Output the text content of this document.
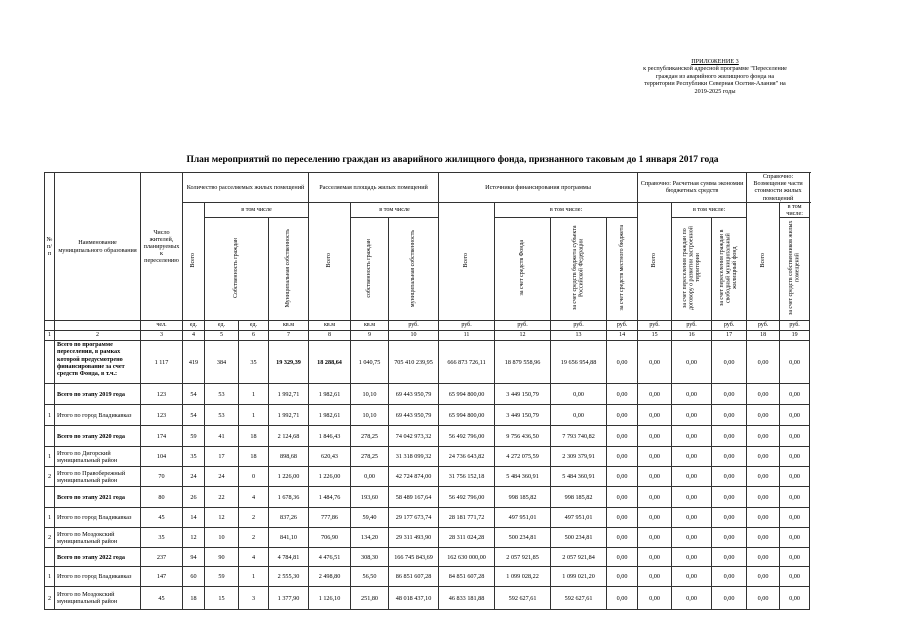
ПРИЛОЖЕНИЕ 3
к республиканской адресной программе "Переселение
граждан из аварийного жилищного фонда на
территории Республики Северная Осетия-Алания" на
2019-2025 годы
План мероприятий по переселению граждан из аварийного жилищного фонда, признанного таковым до 1 января 2017 года
№ п/п	Наименование муниципального образования	Число жителей, планируемых к переселению	Количество расселяемых жилых помещений				Расселяемая площадь жилых помещений			Источники финансирования программы				Справочно: Расчетная сумма экономии бюджетных средств			Справочно: Возмещение части стоимости жилых помещений		
			Всего	в том числе			Всего	в том числе		Всего	в том числе:			Всего	в том числе:		Всего	в том числе:	
				Собственность граждан		Муниципальная собственность		собственность граждан	муниципальная собственность		за счет средств Фонда	за счет средств бюджета субъекта Российской Федерации	за счет средств местного бюджета		за счет переселения граждан по договору о развитии застроенной территории	за счет переселения граждан в свободный муниципальный жилищный фонд		за счет средств собственников жилых помещений	
		чел.	ед.	ед.	ед.	кв.м	кв.м	кв.м	руб.	руб.	руб.	руб.	руб.	руб.	руб.	руб.	руб.	руб.	
1	2	3	4	5	6	7	8	9	10	11	12	13	14	15	16	17	18	19	
	Всего по программе переселения, в рамках которой предусмотрено финансирование за счет средств Фонда, в т.ч.:	1 117	419	384	35	19 329,39	18 288,64	1 040,75	705 410 239,95	666 873 726,11	18 879 558,96	19 656 954,88	0,00	0,00	0,00	0,00	0,00	0,00	
	Всего по этапу 2019 года	123	54	53	1	1 992,71	1 982,61	10,10	69 443 950,79	65 994 800,00	3 449 150,79	0,00	0,00	0,00	0,00	0,00	0,00	0,00	
1	Итого по город Владикавказ	123	54	53	1	1 992,71	1 982,61	10,10	69 443 950,79	65 994 800,00	3 449 150,79	0,00	0,00	0,00	0,00	0,00	0,00	0,00	
	Всего по этапу 2020 года	174	59	41	18	2 124,68	1 846,43	278,25	74 042 973,32	56 492 796,00	9 756 436,50	7 793 740,82	0,00	0,00	0,00	0,00	0,00	0,00	
1	Итого по Дигорский муниципальный район	104	35	17	18	898,68	620,43	278,25	31 318 099,32	24 736 643,82	4 272 075,59	2 309 379,91	0,00	0,00	0,00	0,00	0,00	0,00	
2	Итого по Правобережный муниципальный район	70	24	24	0	1 226,00	1 226,00	0,00	42 724 874,00	31 756 152,18	5 484 360,91	5 484 360,91	0,00	0,00	0,00	0,00	0,00	0,00	
	Всего по этапу 2021 года	80	26	22	4	1 678,36	1 484,76	193,60	58 489 167,64	56 492 796,00	998 185,82	998 185,82	0,00	0,00	0,00	0,00	0,00	0,00	
1	Итого по город Владикавказ	45	14	12	2	837,26	777,86	59,40	29 177 673,74	28 181 771,72	497 951,01	497 951,01	0,00	0,00	0,00	0,00	0,00	0,00	
2	Итого по Моздокский муниципальный район	35	12	10	2	841,10	706,90	134,20	29 311 493,90	28 311 024,28	500 234,81	500 234,81	0,00	0,00	0,00	0,00	0,00	0,00	
	Всего по этапу 2022 года	237	94	90	4	4 784,81	4 476,51	308,30	166 745 843,69	162 630 000,00	2 057 921,85	2 057 921,84	0,00	0,00	0,00	0,00	0,00	0,00	
1	Итого по город Владикавказ	147	60	59	1	2 555,30	2 498,80	56,50	86 851 607,28	84 851 607,28	1 099 028,22	1 099 021,20	0,00	0,00	0,00	0,00	0,00	0,00	
2	Итого по Моздокский муниципальный район	45	18	15	3	1 377,90	1 126,10	251,80	48 018 437,10	46 833 181,88	592 627,61	592 627,61	0,00	0,00	0,00	0,00	0,00	0,00	
